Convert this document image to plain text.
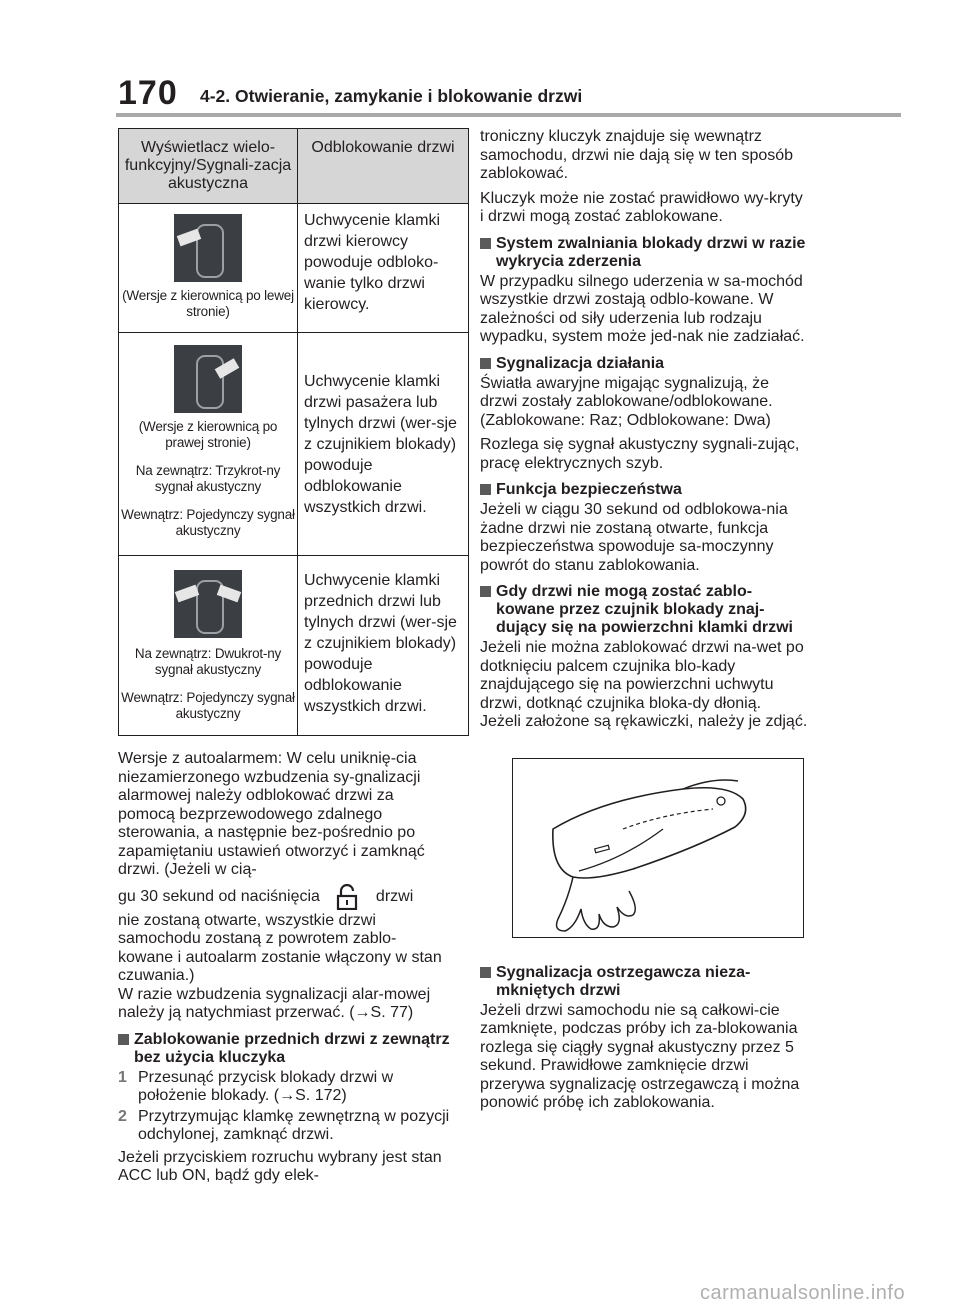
170 4-2. Otwieranie, zamykanie i blokowanie drzwi
Wyświetlacz wielo-funkcyjny/Sygnali-zacja akustyczna	Odblokowanie drzwi

(Wersje z kierownicą po lewej stronie)	Uchwycenie klamki drzwi kierowcy powoduje odbloko-wanie tylko drzwi kierowcy.

(Wersje z kierownicą po prawej stronie)
Na zewnątrz: Trzykrot-ny sygnał akustyczny
Wewnątrz: Pojedynczy sygnał akustyczny	Uchwycenie klamki drzwi pasażera lub tylnych drzwi (wer-sje z czujnikiem blokady) powoduje odblokowanie wszystkich drzwi.

Na zewnątrz: Dwukrot-ny sygnał akustyczny
Wewnątrz: Pojedynczy sygnał akustyczny	Uchwycenie klamki przednich drzwi lub tylnych drzwi (wer-sje z czujnikiem blokady) powoduje odblokowanie wszystkich drzwi.

Wersje z autoalarmem: W celu uniknię-cia niezamierzonego wzbudzenia sy-gnalizacji alarmowej należy odblokować drzwi za pomocą bezprzewodowego zdalnego sterowania, a następnie bez-pośrednio po zapamiętaniu ustawień otworzyć i zamknąć drzwi. (Jeżeli w cią-

gu 30 sekund od naciśnięcia	drzwi

nie zostaną otwarte, wszystkie drzwi samochodu zostaną z powrotem zablo-kowane i autoalarm zostanie włączony w stan czuwania.)

W razie wzbudzenia sygnalizacji alar-mowej należy ją natychmiast przerwać. (→S. 77)

Zablokowanie przednich drzwi z zewnątrz bez użycia kluczyka
1 Przesunąć przycisk blokady drzwi w położenie blokady. (→S. 172)
2 Przytrzymując klamkę zewnętrzną w pozycji odchylonej, zamknąć drzwi.

Jeżeli przyciskiem rozruchu wybrany jest stan ACC lub ON, bądź gdy elek-

troniczny kluczyk znajduje się wewnątrz samochodu, drzwi nie dają się w ten sposób zablokować.

Kluczyk może nie zostać prawidłowo wy-kryty i drzwi mogą zostać zablokowane.

System zwalniania blokady drzwi w razie wykrycia zderzenia

W przypadku silnego uderzenia w sa-mochód wszystkie drzwi zostają odblo-kowane. W zależności od siły uderzenia lub rodzaju wypadku, system może jed-nak nie zadziałać.

Sygnalizacja działania

Światła awaryjne migając sygnalizują, że drzwi zostały zablokowane/odblokowane. (Zablokowane: Raz; Odblokowane: Dwa)

Rozlega się sygnał akustyczny sygnali-zując, pracę elektrycznych szyb.

Funkcja bezpieczeństwa

Jeżeli w ciągu 30 sekund od odblokowa-nia żadne drzwi nie zostaną otwarte, funkcja bezpieczeństwa spowoduje sa-moczynny powrót do stanu zablokowania.

Gdy drzwi nie mogą zostać zablo-kowane przez czujnik blokady znaj-dujący się na powierzchni klamki drzwi

Jeżeli nie można zablokować drzwi na-wet po dotknięciu palcem czujnika blo-kady znajdującego się na powierzchni uchwytu drzwi, dotknąć czujnika bloka-dy dłonią.

Jeżeli założone są rękawiczki, należy je zdjąć.

Sygnalizacja ostrzegawcza nieza-mkniętych drzwi

Jeżeli drzwi samochodu nie są całkowi-cie zamknięte, podczas próby ich za-blokowania rozlega się ciągły sygnał akustyczny przez 5 sekund. Prawidłowe zamknięcie drzwi przerywa sygnalizację ostrzegawczą i można ponowić próbę ich zablokowania.

carmanualsonline.info
